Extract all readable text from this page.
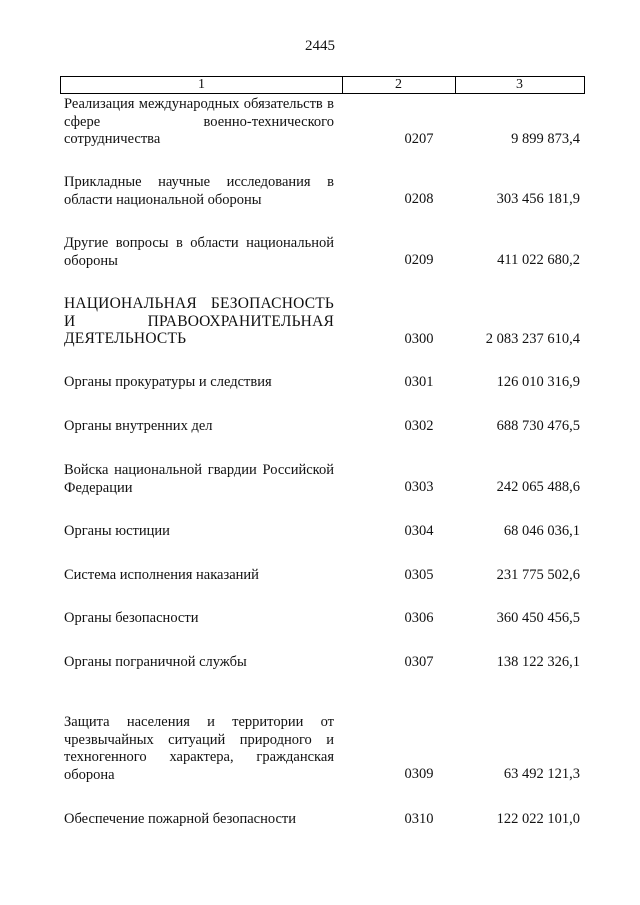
2445
1	2	3
Реализация международных обязательств в сфере военно-технического сотрудничества	0207	9 899 873,4
Прикладные научные исследования в области национальной обороны	0208	303 456 181,9
Другие вопросы в области национальной обороны	0209	411 022 680,2
НАЦИОНАЛЬНАЯ БЕЗОПАСНОСТЬ И ПРАВООХРАНИТЕЛЬНАЯ ДЕЯТЕЛЬНОСТЬ	0300	2 083 237 610,4
Органы прокуратуры и следствия	0301	126 010 316,9
Органы внутренних дел	0302	688 730 476,5
Войска национальной гвардии Российской Федерации	0303	242 065 488,6
Органы юстиции	0304	68 046 036,1
Система исполнения наказаний	0305	231 775 502,6
Органы безопасности	0306	360 450 456,5
Органы пограничной службы	0307	138 122 326,1
Защита населения и территории от чрезвычайных ситуаций природного и техногенного характера, гражданская оборона	0309	63 492 121,3
Обеспечение пожарной безопасности	0310	122 022 101,0
